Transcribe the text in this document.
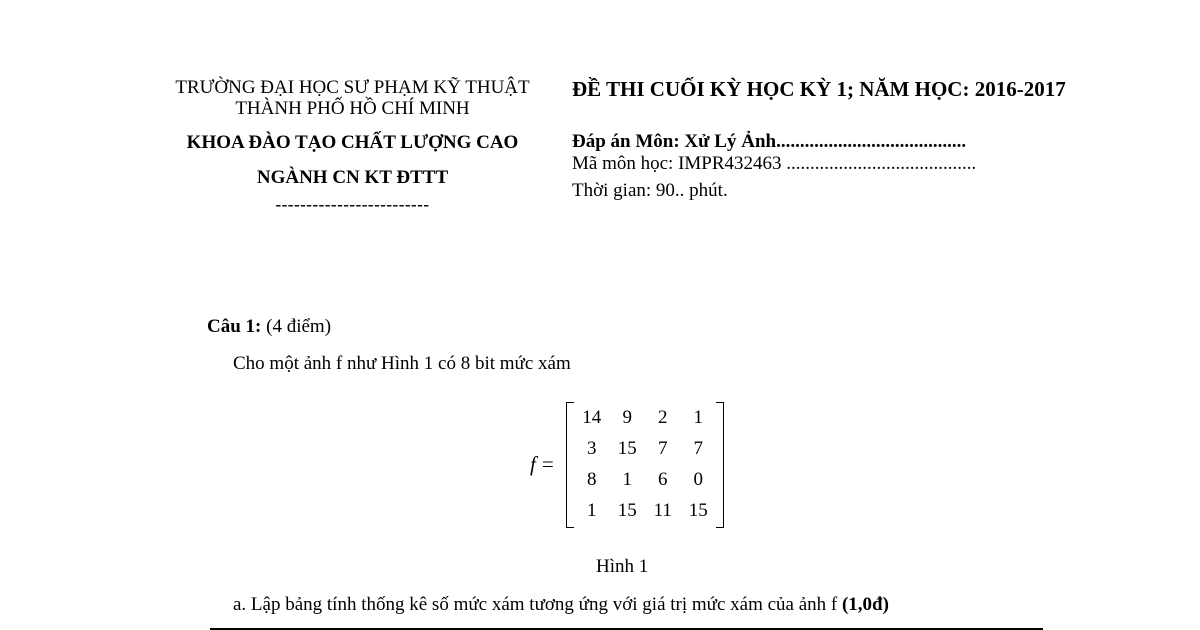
TRƯỜNG ĐẠI HỌC SƯ PHẠM KỸ THUẬT
THÀNH PHỐ HỒ CHÍ MINH
KHOA ĐÀO TẠO CHẤT LƯỢNG CAO
NGÀNH CN KT ĐTTT
-------------------------
ĐỀ THI CUỐI KỲ HỌC KỲ 1; NĂM HỌC: 2016-2017
Đáp án Môn: Xử Lý Ảnh........................................
Mã môn học: IMPR432463 ........................................
Thời gian: 90.. phút.
Câu 1: (4 điểm)
Cho một ảnh f như Hình 1 có 8 bit mức xám
f =
14	9	2	1
3	15	7	7
8	1	6	0
1	15 11 15
Hình 1
a. Lập bảng tính thống kê số mức xám tương ứng với giá trị mức xám của ảnh f (1,0đ)
